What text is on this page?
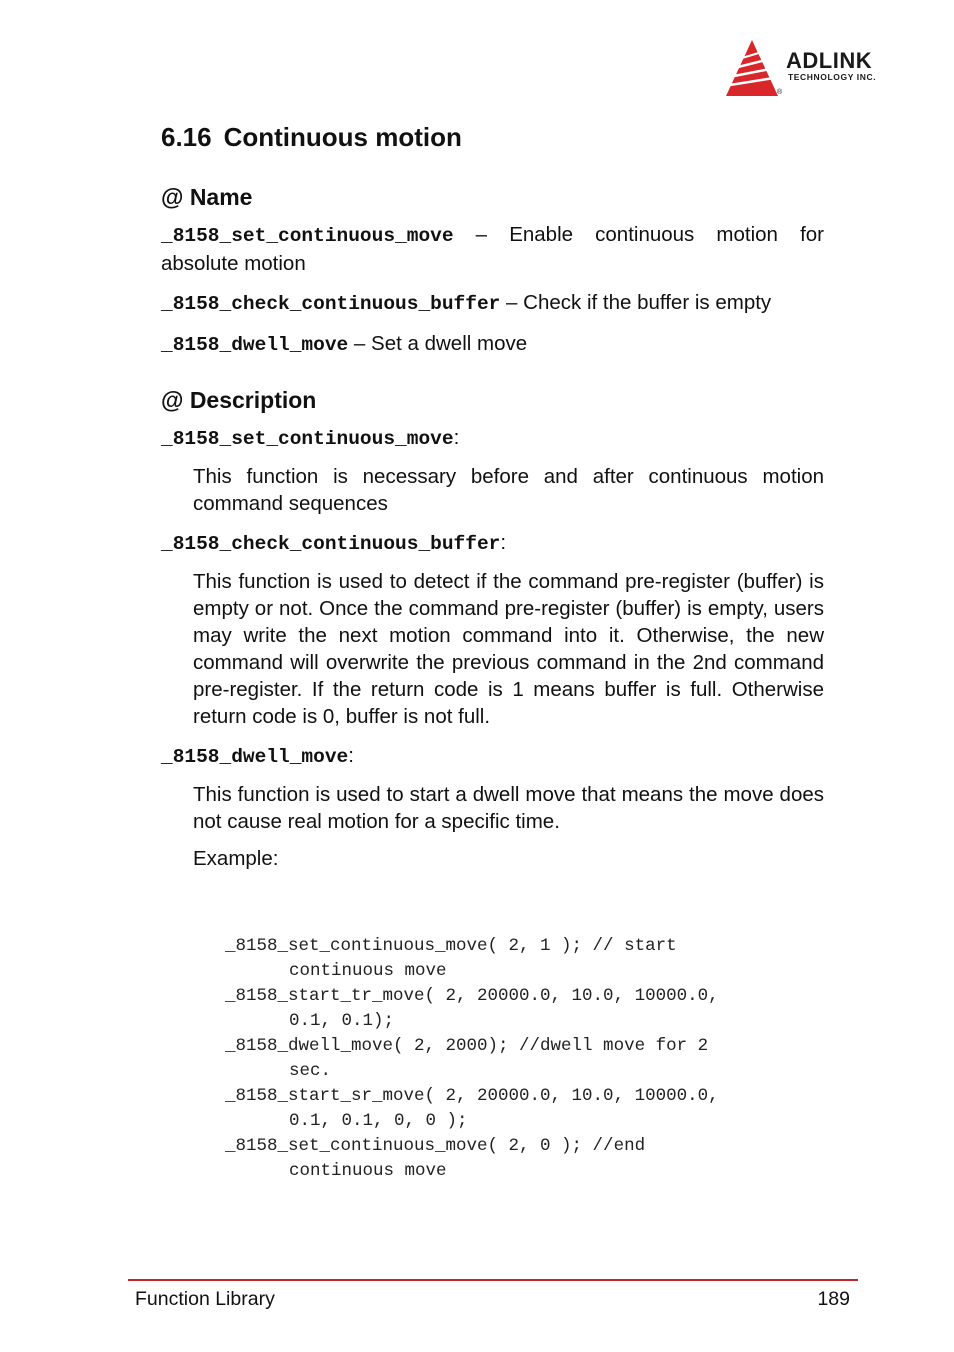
ADLINK
TECHNOLOGY INC.
®
6.16 Continuous motion
@ Name

_8158_set_continuous_move – Enable continuous motion for absolute motion

_8158_check_continuous_buffer – Check if the buffer is empty

_8158_dwell_move – Set a dwell move

@ Description

_8158_set_continuous_move:

This function is necessary before and after continuous motion command sequences

_8158_check_continuous_buffer:

This function is used to detect if the command pre-register (buffer) is empty or not. Once the command pre-register (buffer) is empty, users may write the next motion command into it. Otherwise, the new command will overwrite the previous command in the 2nd command pre-register. If the return code is 1 means buffer is full. Otherwise return code is 0, buffer is not full.

_8158_dwell_move:

This function is used to start a dwell move that means the move does not cause real motion for a specific time.

Example:

_8158_set_continuous_move( 2, 1 ); // start
continuous move
_8158_start_tr_move( 2, 20000.0, 10.0, 10000.0,
0.1, 0.1);
_8158_dwell_move( 2, 2000); //dwell move for 2
sec.
_8158_start_sr_move( 2, 20000.0, 10.0, 10000.0,
0.1, 0.1, 0, 0 );
_8158_set_continuous_move( 2, 0 ); //end
continuous move

Function Library	189
